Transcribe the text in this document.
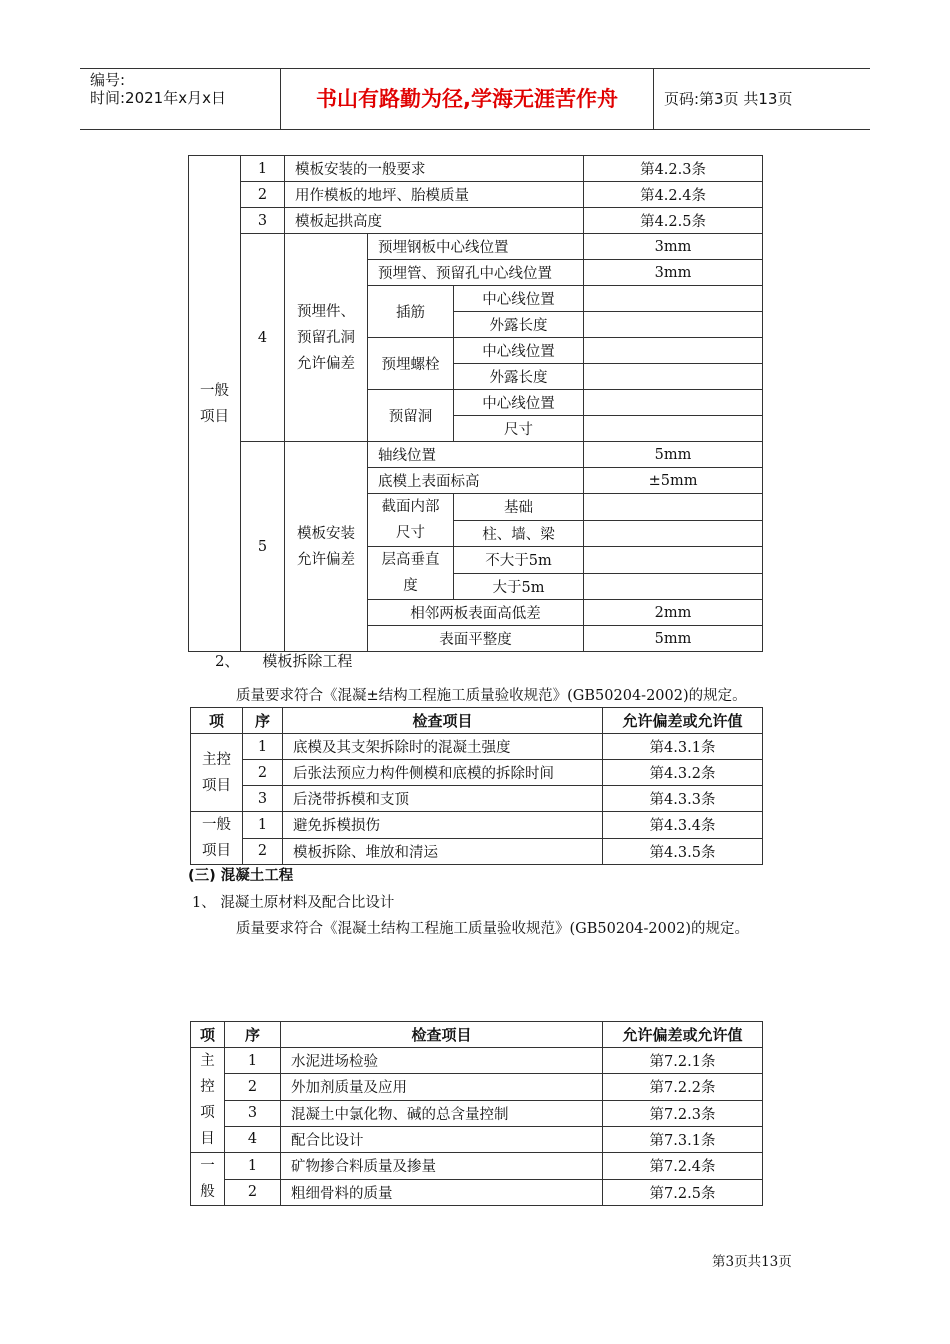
编号:
时间:2021年x月x日	书山有路勤为径,学海无涯苦作舟	页码:第3页 共13页
一般项目	1	模板安装的一般要求			第4.2.3条
	2	用作模板的地坪、胎模质量			第4.2.4条
	3	模板起拱高度			第4.2.5条
	4	预埋件、预留孔洞允许偏差	预埋钢板中心线位置		3mm
			预埋管、预留孔中心线位置		3mm
			插筋	中心线位置	
				外露长度	
			预埋螺栓	中心线位置	
				外露长度	
			预留洞	中心线位置	
				尺寸	
	5	模板安装允许偏差	轴线位置		5mm
			底模上表面标高		±5mm

			截面内部尺寸	基础	
				柱、墙、梁	

			层高垂直度	不大于5m	
				大于5m	
			相邻两板表面高低差		2mm
			表面平整度		5mm
2、 模板拆除工程
质量要求符合《混凝±结构工程施工质量验收规范》(GB50204-2002)的规定。
项	序	检查项目	允许偏差或允许值

主控项目	1	底模及其支架拆除时的混凝土强度	第4.3.1条
	2	后张法预应力构件侧模和底模的拆除时间	第4.3.2条
	3	后浇带拆模和支顶	第4.3.3条

一般项目	1	避免拆模损伤	第4.3.4条
	2	模板拆除、堆放和清运	第4.3.5条
(三) 混凝土工程
1、 混凝土原材料及配合比设计
质量要求符合《混凝土结构工程施工质量验收规范》(GB50204-2002)的规定。
项	序	检查项目	允许偏差或允许值

主控项目	1	水泥进场检验	第7.2.1条
	2	外加剂质量及应用	第7.2.2条
	3	混凝土中氯化物、碱的总含量控制	第7.2.3条
	4	配合比设计	第7.3.1条

一般	1	矿物掺合料质量及掺量	第7.2.4条
	2	粗细骨料的质量	第7.2.5条
第3页共13页
